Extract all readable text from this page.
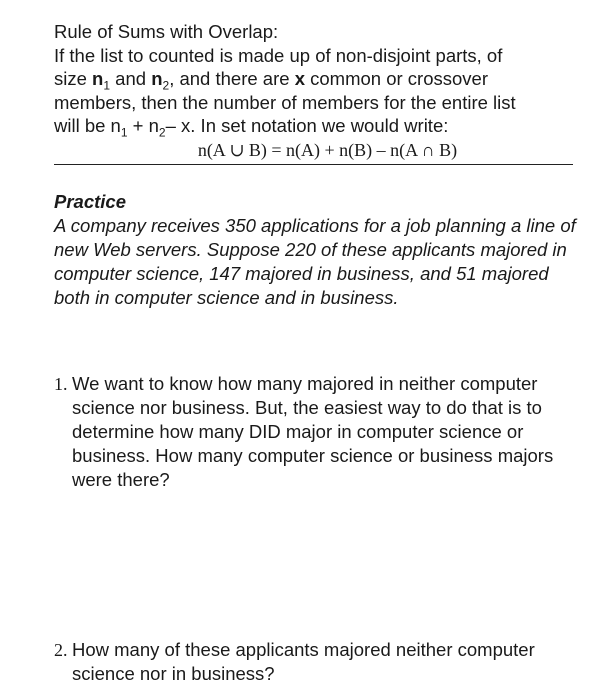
Rule of Sums with Overlap:

If the list to counted is made up of non-disjoint parts, of

size $n_1$ and $n_2$, and there are x common or crossover

members, then the number of members for the entire list

will be $n_1 + n_2-$ x. In set notation we would write:

n(A ∪ B) = n(A) + n(B) – n(A ∩ B)

Practice

A company receives 350 applications for a job planning a line of new Web servers. Suppose 220 of these applicants majored in computer science, 147 majored in business, and 51 majored both in computer science and in business.

1. We want to know how many majored in neither computer science nor business. But, the easiest way to do that is to determine how many DID major in computer science or business. How many computer science or business majors were there?
2. How many of these applicants majored neither computer science nor in business?
